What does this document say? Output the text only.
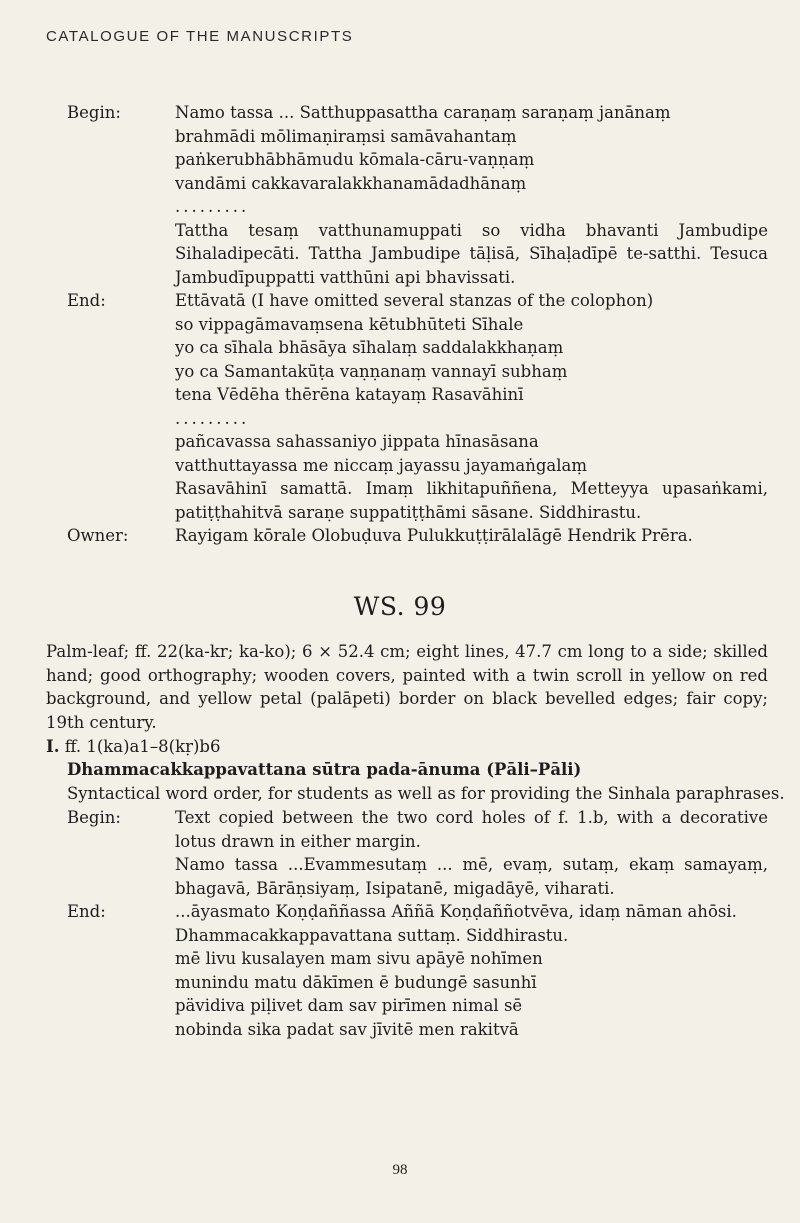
CATALOGUE OF THE MANUSCRIPTS
Begin:	Namo tassa ... Satthuppasattha caraṇaṃ saraṇaṃ janānaṃ
brahmādi mōlimaṇiraṃsi samāvahantaṃ
paṅkerubhābhāmudu kōmala-cāru-vaṇṇaṃ
vandāmi cakkavaralakkhanamādadhānaṃ
.........
Tattha tesaṃ vatthunamuppati so vidha bhavanti Jambudipe Sihaladipecāti. Tattha Jambudipe tāḷisā, Sīhaḷadīpē te-satthi. Tesuca Jambudīpuppatti vatthūni api bhavissati.
End:	Ettāvatā (I have omitted several stanzas of the colophon)
so vippagāmavaṃsena kētubhūteti Sīhale
yo ca sīhala bhāsāya sīhalaṃ saddalakkhaṇaṃ
yo ca Samantakūṭa vaṇṇanaṃ vannayī subhaṃ
tena Vēdēha thērēna katayaṃ Rasavāhinī
.........
pañcavassa sahassaniyo jippata hīnasāsana
vatthuttayassa me niccaṃ jayassu jayamaṅgalaṃ
Rasavāhinī samattā. Imaṃ likhitapuññena, Metteyya upasaṅkami, patiṭṭhahitvā saraṇe suppatiṭṭhāmi sāsane. Siddhirastu.
Owner:	Rayigam kōrale Olobuḍuva Pulukkuṭṭirālalāgē Hendrik Prēra.
WS. 99
Palm-leaf; ff. 22(ka-kr; ka-ko); 6 × 52.4 cm; eight lines, 47.7 cm long to a side; skilled hand; good orthography; wooden covers, painted with a twin scroll in yellow on red background, and yellow petal (palāpeti) border on black bevelled edges; fair copy; 19th century.
I. ff. 1(ka)a1–8(kṛ)b6
Dhammacakkappavattana sūtra pada-ānuma (Pāli–Pāli)
Syntactical word order, for students as well as for providing the Sinhala paraphrases.
Begin:	Text copied between the two cord holes of f. 1.b, with a decorative lotus drawn in either margin.
Namo tassa ...Evammesutaṃ ... mē, evaṃ, sutaṃ, ekaṃ samayaṃ, bhagavā, Bārāṇsiyaṃ, Isipatanē, migadāyē, viharati.
End:	...āyasmato Koṇḍaññassa Aññā Koṇḍaññotvēva, idaṃ nāman ahōsi.
Dhammacakkappavattana suttaṃ. Siddhirastu.
mē livu kusalayen mam sivu apāyē nohīmen
munindu matu dākīmen ē budungē sasunhī
pävidiva piḷivet dam sav pirīmen nimal sē
nobinda sika padat sav jīvitē men rakitvā
98
